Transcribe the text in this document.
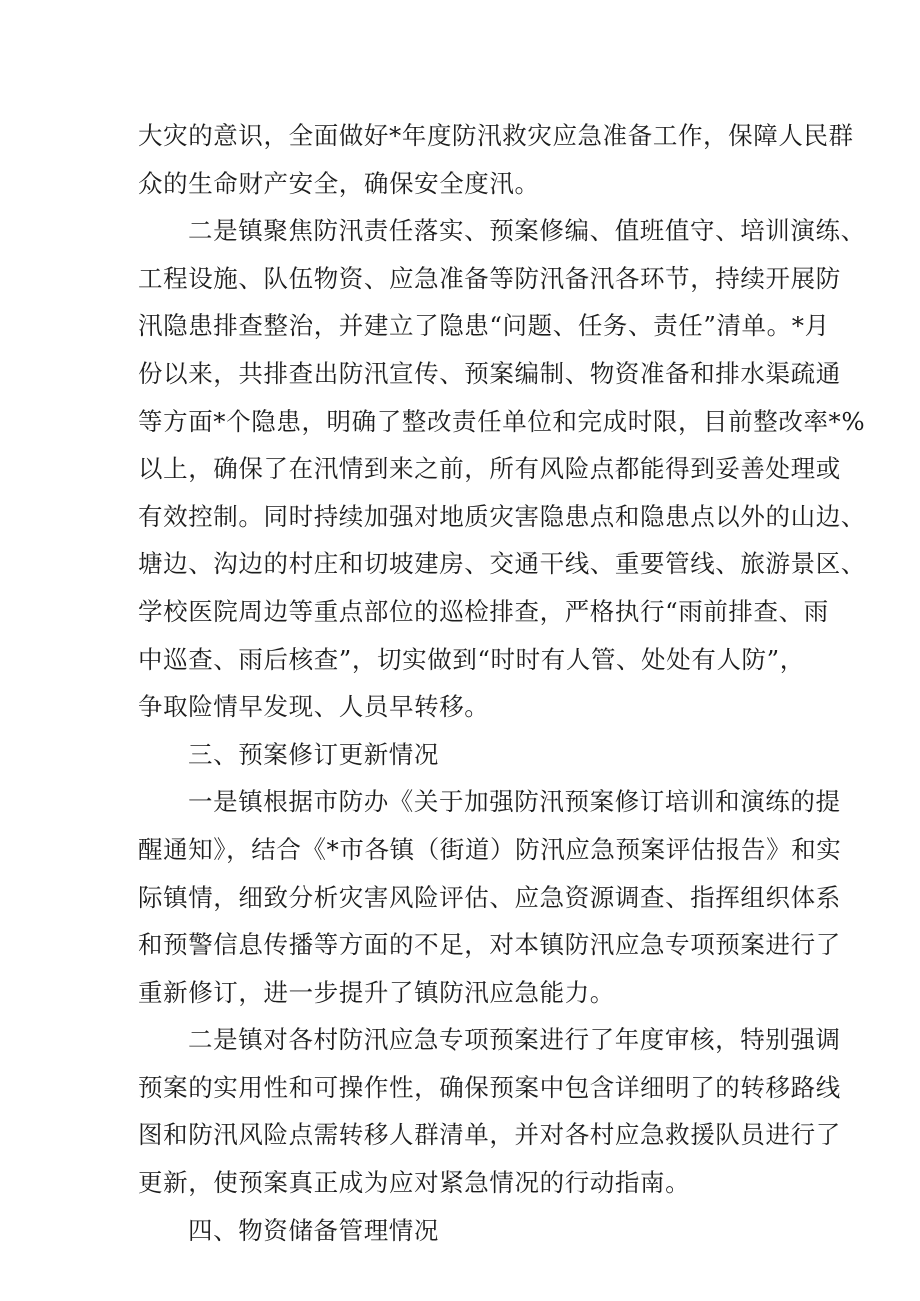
大灾的意识，全面做好*年度防汛救灾应急准备工作，保障人民群
众的生命财产安全，确保安全度汛。
二是镇聚焦防汛责任落实、预案修编、值班值守、培训演练、
工程设施、队伍物资、应急准备等防汛备汛各环节，持续开展防
汛隐患排查整治，并建立了隐患“问题、任务、责任”清单。*月
份以来，共排查出防汛宣传、预案编制、物资准备和排水渠疏通
等方面*个隐患，明确了整改责任单位和完成时限，目前整改率*%
以上，确保了在汛情到来之前，所有风险点都能得到妥善处理或
有效控制。同时持续加强对地质灾害隐患点和隐患点以外的山边、
塘边、沟边的村庄和切坡建房、交通干线、重要管线、旅游景区、
学校医院周边等重点部位的巡检排查，严格执行“雨前排查、雨
中巡查、雨后核查”，切实做到“时时有人管、处处有人防”，
争取险情早发现、人员早转移。
三、预案修订更新情况
一是镇根据市防办《关于加强防汛预案修订培训和演练的提
醒通知》，结合《*市各镇（街道）防汛应急预案评估报告》和实
际镇情，细致分析灾害风险评估、应急资源调查、指挥组织体系
和预警信息传播等方面的不足，对本镇防汛应急专项预案进行了
重新修订，进一步提升了镇防汛应急能力。
二是镇对各村防汛应急专项预案进行了年度审核，特别强调
预案的实用性和可操作性，确保预案中包含详细明了的转移路线
图和防汛风险点需转移人群清单，并对各村应急救援队员进行了
更新，使预案真正成为应对紧急情况的行动指南。
四、物资储备管理情况
